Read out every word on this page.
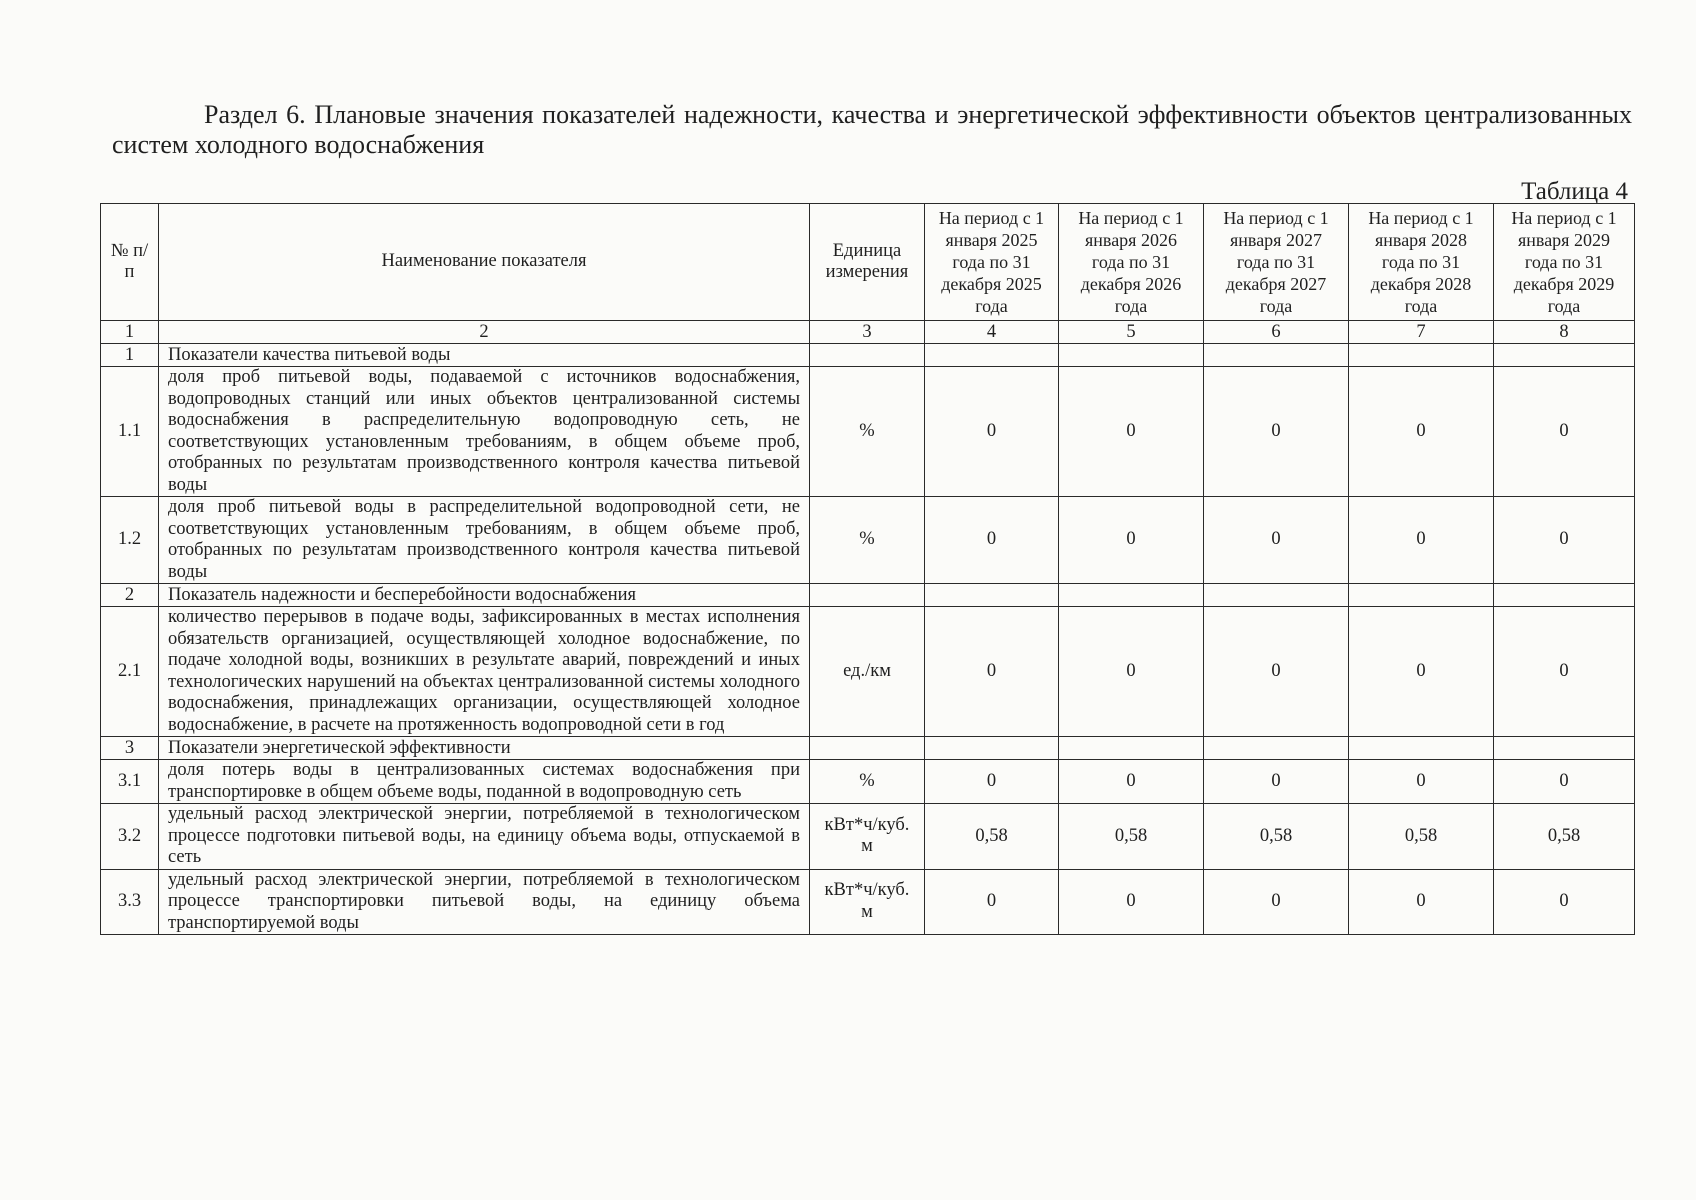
Раздел 6. Плановые значения показателей надежности, качества и энергетической эффективности объектов централизованных систем холодного водоснабжения
Таблица 4
№ п/п	Наименование показателя	Единица измерения	На период с 1 января 2025 года по 31 декабря 2025 года	На период с 1 января 2026 года по 31 декабря 2026 года	На период с 1 января 2027 года по 31 декабря 2027 года	На период с 1 января 2028 года по 31 декабря 2028 года	На период с 1 января 2029 года по 31 декабря 2029 года
1	2	3	4	5	6	7	8
1	Показатели качества питьевой воды						
1.1	доля проб питьевой воды, подаваемой с источников водоснабжения, водопроводных станций или иных объектов централизованной системы водоснабжения в распределительную водопроводную сеть, не соответствующих установленным требованиям, в общем объеме проб, отобранных по результатам производственного контроля качества питьевой воды	%	0	0	0	0	0
1.2	доля проб питьевой воды в распределительной водопроводной сети, не соответствующих установленным требованиям, в общем объеме проб, отобранных по результатам производственного контроля качества питьевой воды	%	0	0	0	0	0
2	Показатель надежности и бесперебойности водоснабжения						
2.1	количество перерывов в подаче воды, зафиксированных в местах исполнения обязательств организацией, осуществляющей холодное водоснабжение, по подаче холодной воды, возникших в результате аварий, повреждений и иных технологических нарушений на объектах централизованной системы холодного водоснабжения, принадлежащих организации, осуществляющей холодное водоснабжение, в расчете на протяженность водопроводной сети в год	ед./км	0	0	0	0	0
3	Показатели энергетической эффективности						
3.1	доля потерь воды в централизованных системах водоснабжения при транспортировке в общем объеме воды, поданной в водопроводную сеть	%	0	0	0	0	0
3.2	удельный расход электрической энергии, потребляемой в технологическом процессе подготовки питьевой воды, на единицу объема воды, отпускаемой в сеть	кВт*ч/куб. м	0,58	0,58	0,58	0,58	0,58
3.3	удельный расход электрической энергии, потребляемой в технологическом процессе транспортировки питьевой воды, на единицу объема транспортируемой воды	кВт*ч/куб. м	0	0	0	0	0
